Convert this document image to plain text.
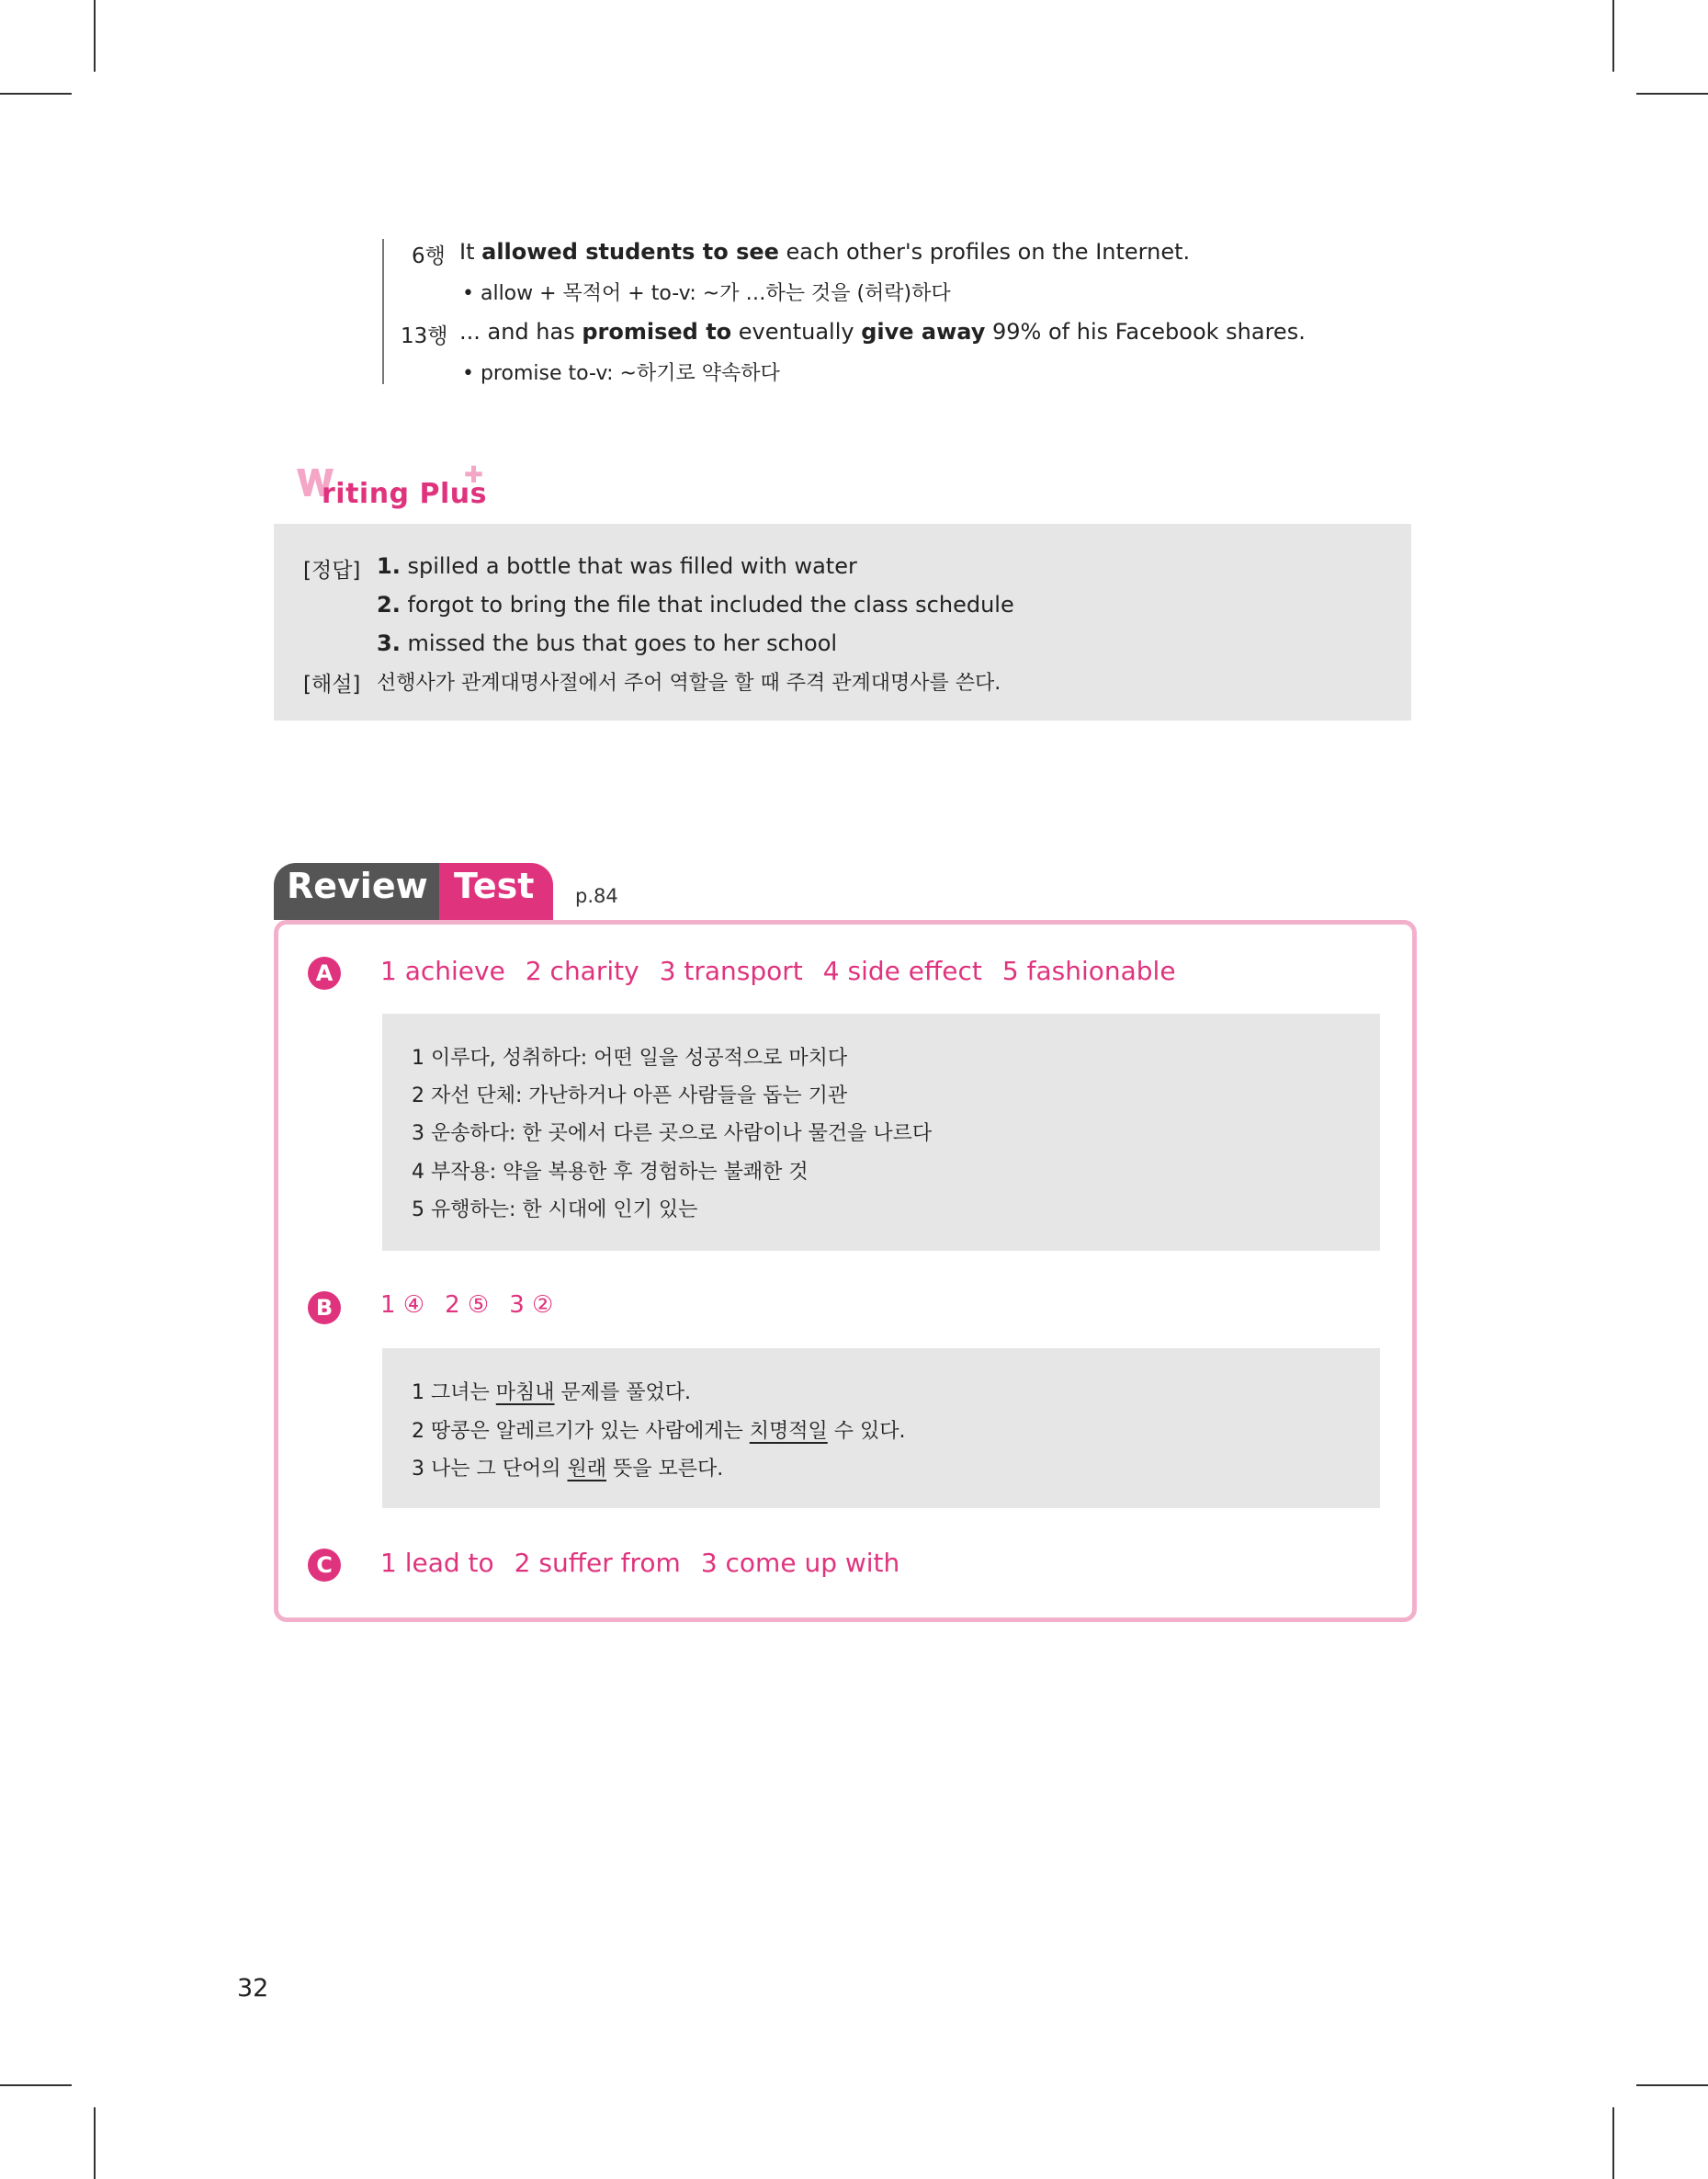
6행 It allowed students to see each other's profiles on the Internet.
• allow + 목적어 + to-v: ~가 …하는 것을 (허락)하다
13행 ... and has promised to eventually give away 99% of his Facebook shares.
• promise to-v: ~하기로 약속하다
riting Plus
[정답] 1. spilled a bottle that was filled with water
2. forgot to bring the file that included the class schedule
3. missed the bus that goes to her school
[해설] 선행사가 관계대명사절에서 주어 역할을 할 때 주격 관계대명사를 쓴다.
Review Test p.84
A	1 achieve 2 charity 3 transport 4 side effect 5 fashionable
1 이루다, 성취하다: 어떤 일을 성공적으로 마치다
2 자선 단체: 가난하거나 아픈 사람들을 돕는 기관
3 운송하다: 한 곳에서 다른 곳으로 사람이나 물건을 나르다
4 부작용: 약을 복용한 후 경험하는 불쾌한 것
5 유행하는: 한 시대에 인기 있는
B	1 ④ 2 ⑤ 3 ②
1 그녀는 마침내 문제를 풀었다.
2 땅콩은 알레르기가 있는 사람에게는 치명적일 수 있다.
3 나는 그 단어의 원래 뜻을 모른다.
C	1 lead to 2 suffer from 3 come up with
32
